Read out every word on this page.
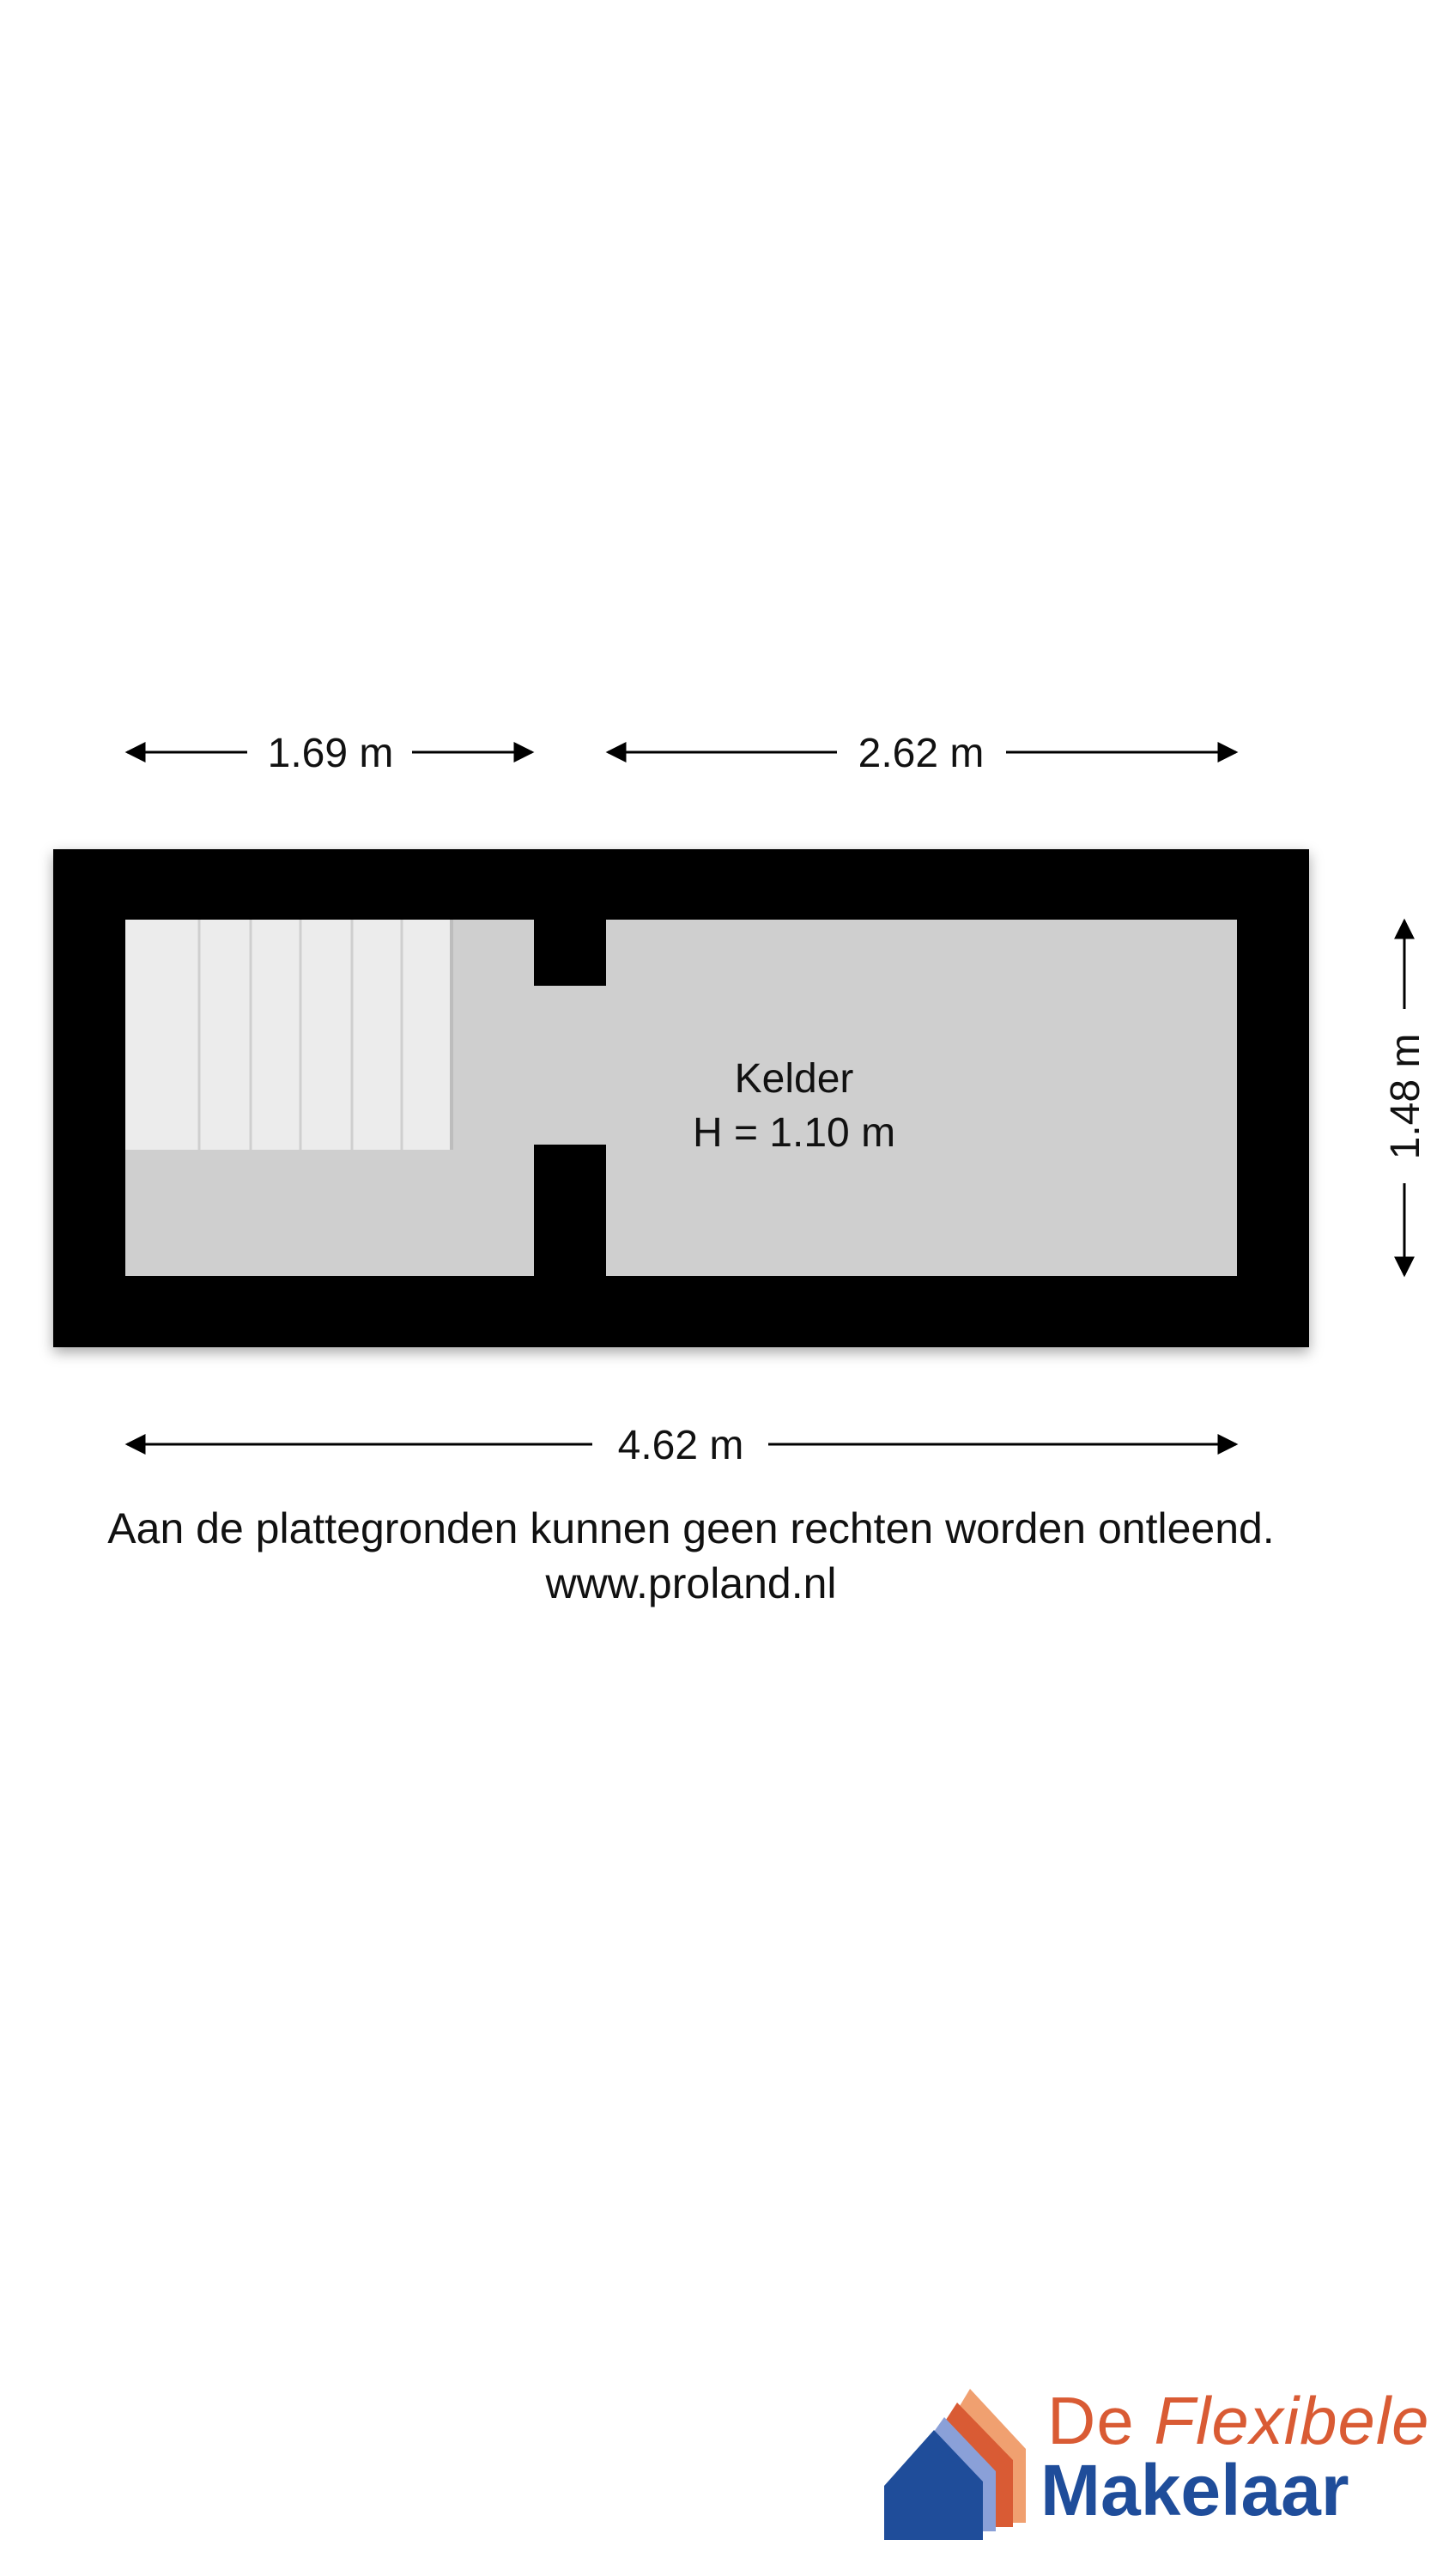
Kelder
H = 1.10 m
1.69 m	2.62 m
4.62 m
1.48 m
Aan de plattegronden kunnen geen rechten worden ontleend.
www.proland.nl
De Flexibele
Makelaar
